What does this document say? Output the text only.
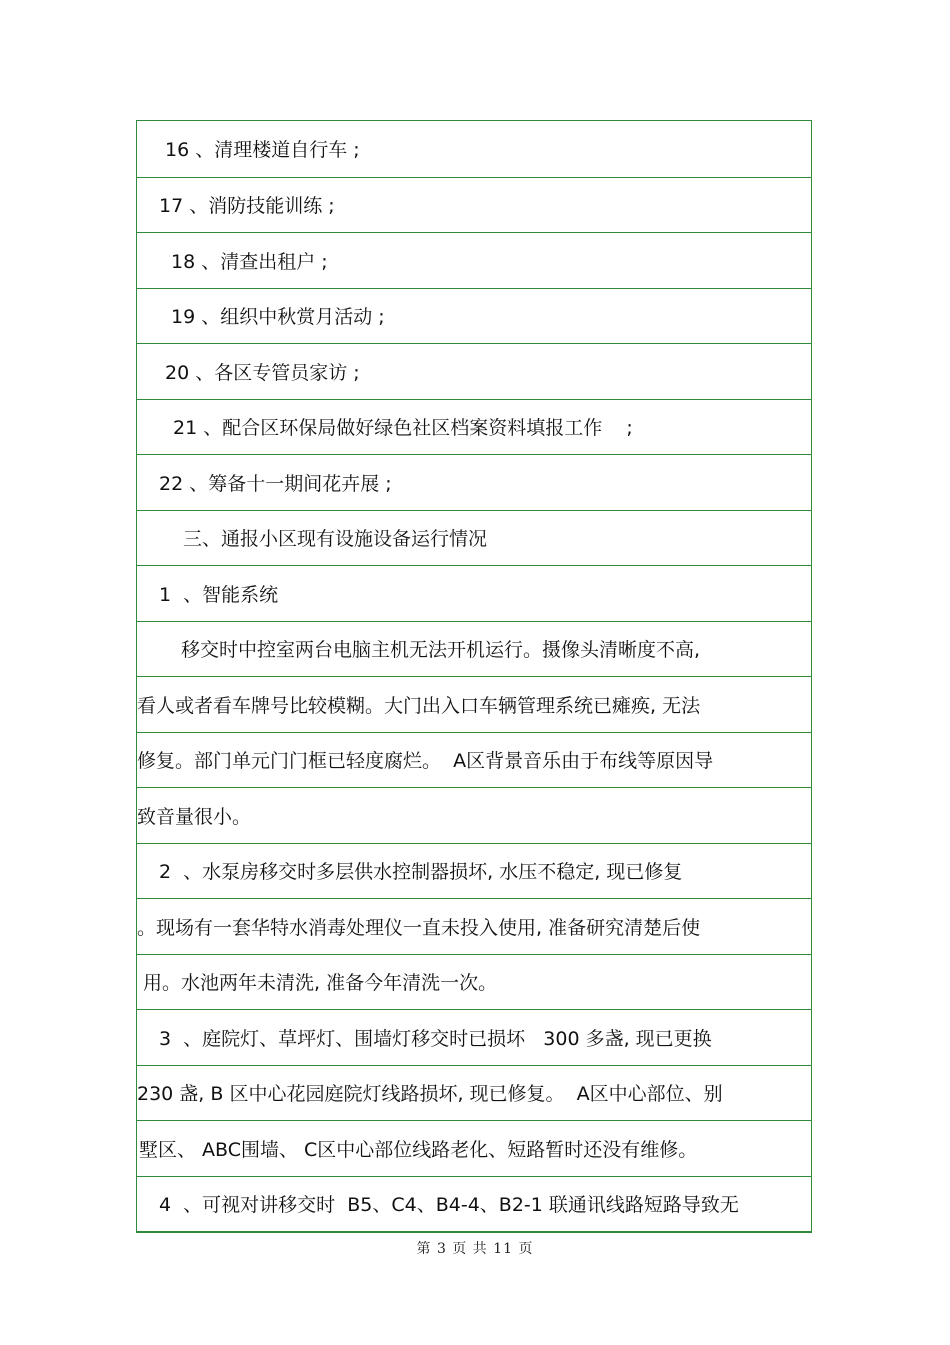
16 、清理楼道自行车 ;
17 、消防技能训练 ;
18 、清查出租户 ;
19 、组织中秋赏月活动 ;
20 、各区专管员家访 ;
21 、配合区环保局做好绿色社区档案资料填报工作    ;
22 、筹备十一期间花卉展 ;
三、通报小区现有设施设备运行情况
1  、智能系统
移交时中控室两台电脑主机无法开机运行。摄像头清晰度不高,
看人或者看车牌号比较模糊。大门出入口车辆管理系统已瘫痪, 无法
修复。部门单元门门框已轻度腐烂。  A区背景音乐由于布线等原因导
致音量很小。
2  、水泵房移交时多层供水控制器损坏, 水压不稳定, 现已修复
。现场有一套华特水消毒处理仪一直未投入使用, 准备研究清楚后使
用。水池两年未清洗, 准备今年清洗一次。
3  、庭院灯、草坪灯、围墙灯移交时已损坏   300 多盏, 现已更换
230 盏, B 区中心花园庭院灯线路损坏, 现已修复。  A区中心部位、别
墅区、 ABC围墙、 C区中心部位线路老化、短路暂时还没有维修。
4  、可视对讲移交时  B5、C4、B4-4、B2-1 联通讯线路短路导致无
第 3 页 共 11 页
